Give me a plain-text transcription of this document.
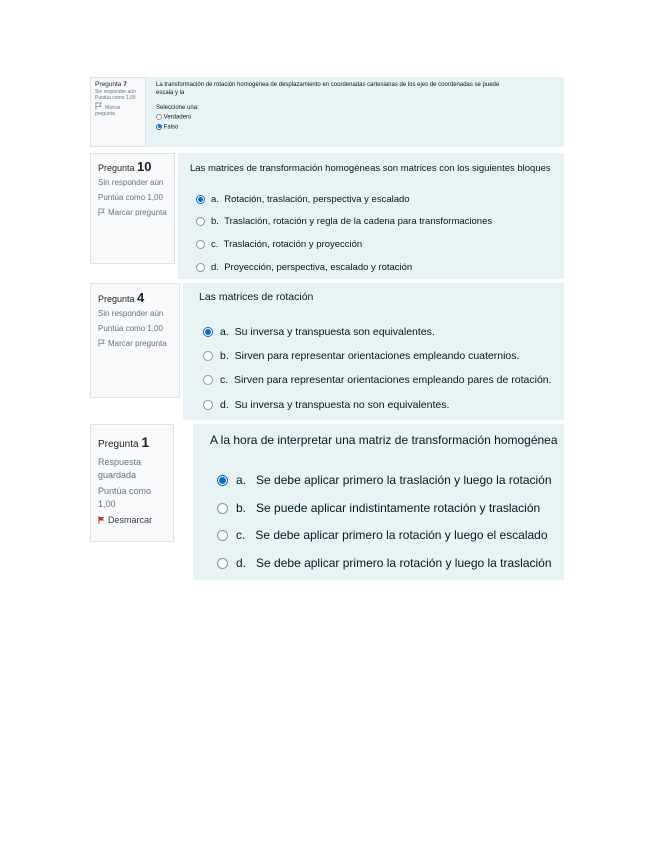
Pregunta 7
Sin responder aún
Puntúa como 1,00
Marcar pregunta
La transformación de rotación homogénea de desplazamiento en coordenadas cartesianas de los ejes de coordenadas se puede
escala y la
Seleccione una:
Verdadero
Falso
Pregunta 10
Sin responder aún
Puntúa como 1,00
Marcar pregunta
Las matrices de transformación homogéneas son matrices con los siguientes bloques
a. Rotación, traslación, perspectiva y escalado
b. Traslación, rotación y regla de la cadena para transformaciones
c. Traslación, rotación y proyección
d. Proyección, perspectiva, escalado y rotación
Pregunta 4
Sin responder aún
Puntúa como 1,00
Marcar pregunta
Las matrices de rotación
a. Su inversa y transpuesta son equivalentes.
b. Sirven para representar orientaciones empleando cuaternios.
c. Sirven para representar orientaciones empleando pares de rotación.
d. Su inversa y transpuesta no son equivalentes.
Pregunta 1
Respuesta guardada
Puntúa como 1,00
Desmarcar
A la hora de interpretar una matriz de transformación homogénea
a. Se debe aplicar primero la traslación y luego la rotación
b. Se puede aplicar indistintamente rotación y traslación
c. Se debe aplicar primero la rotación y luego el escalado
d. Se debe aplicar primero la rotación y luego la traslación
